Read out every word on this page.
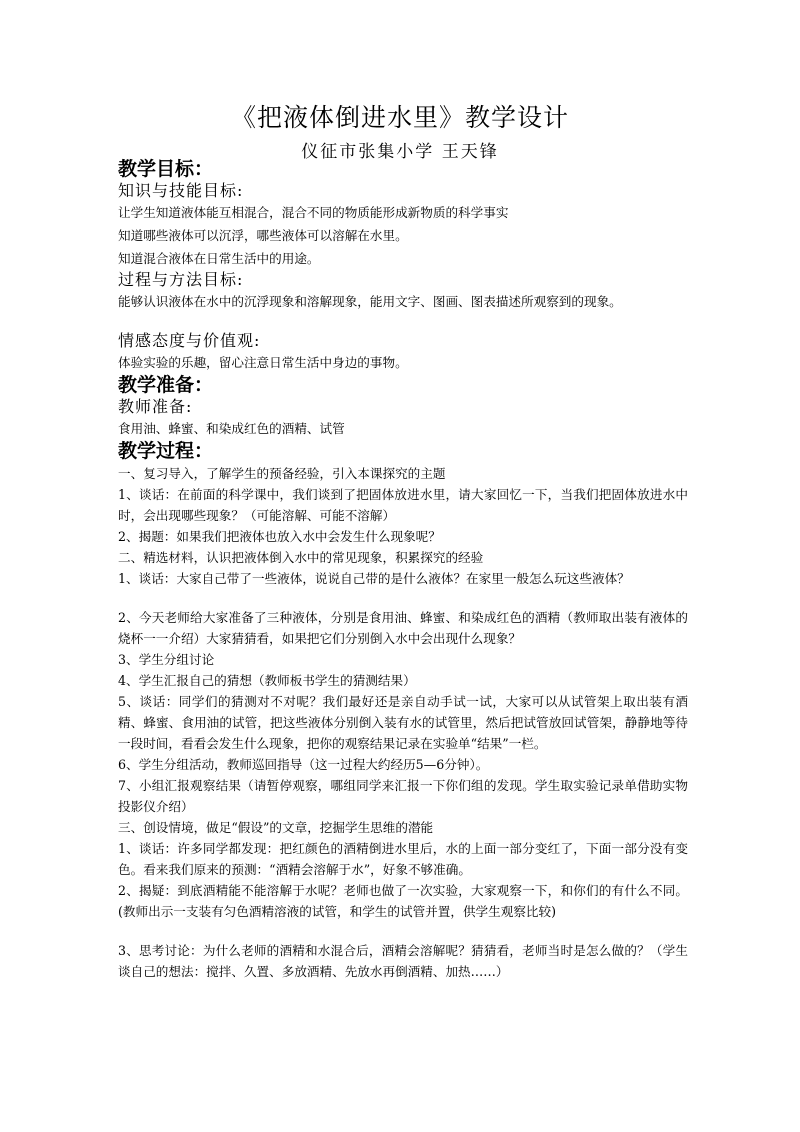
《把液体倒进水里》教学设计
仪征市张集小学 王天锋
教学目标：
知识与技能目标:
让学生知道液体能互相混合，混合不同的物质能形成新物质的科学事实
知道哪些液体可以沉浮，哪些液体可以溶解在水里。
知道混合液体在日常生活中的用途。
过程与方法目标:
能够认识液体在水中的沉浮现象和溶解现象，能用文字、图画、图表描述所观察到的现象。
情感态度与价值观:
体验实验的乐趣，留心注意日常生活中身边的事物。
教学准备：
教师准备:
食用油、蜂蜜、和染成红色的酒精、试管
教学过程：
一、复习导入，了解学生的预备经验，引入本课探究的主题
1、谈话：在前面的科学课中，我们谈到了把固体放进水里，请大家回忆一下，当我们把固体放进水中时，会出现哪些现象？（可能溶解、可能不溶解）
2、揭题：如果我们把液体也放入水中会发生什么现象呢？
二、精选材料，认识把液体倒入水中的常见现象，积累探究的经验
1、谈话：大家自己带了一些液体，说说自己带的是什么液体？在家里一般怎么玩这些液体？
2、今天老师给大家准备了三种液体，分别是食用油、蜂蜜、和染成红色的酒精（教师取出装有液体的烧杯一一介绍）大家猜猜看，如果把它们分别倒入水中会出现什么现象？
3、学生分组讨论
4、学生汇报自己的猜想（教师板书学生的猜测结果）
5、谈话：同学们的猜测对不对呢？我们最好还是亲自动手试一试，大家可以从试管架上取出装有酒精、蜂蜜、食用油的试管，把这些液体分别倒入装有水的试管里，然后把试管放回试管架，静静地等待一段时间，看看会发生什么现象，把你的观察结果记录在实验单“结果”一栏。
6、学生分组活动，教师巡回指导（这一过程大约经历5—6分钟）。
7、小组汇报观察结果（请暂停观察，哪组同学来汇报一下你们组的发现。学生取实验记录单借助实物投影仪介绍）
三、创设情境，做足“假设”的文章，挖掘学生思维的潜能
1、谈话：许多同学都发现：把红颜色的酒精倒进水里后，水的上面一部分变红了，下面一部分没有变色。看来我们原来的预测：“酒精会溶解于水”，好象不够准确。
2、揭疑：到底酒精能不能溶解于水呢？老师也做了一次实验，大家观察一下，和你们的有什么不同。(教师出示一支装有匀色酒精溶液的试管，和学生的试管并置，供学生观察比较)
3、思考讨论：为什么老师的酒精和水混合后，酒精会溶解呢？猜猜看，老师当时是怎么做的？（学生谈自己的想法：搅拌、久置、多放酒精、先放水再倒酒精、加热……）
